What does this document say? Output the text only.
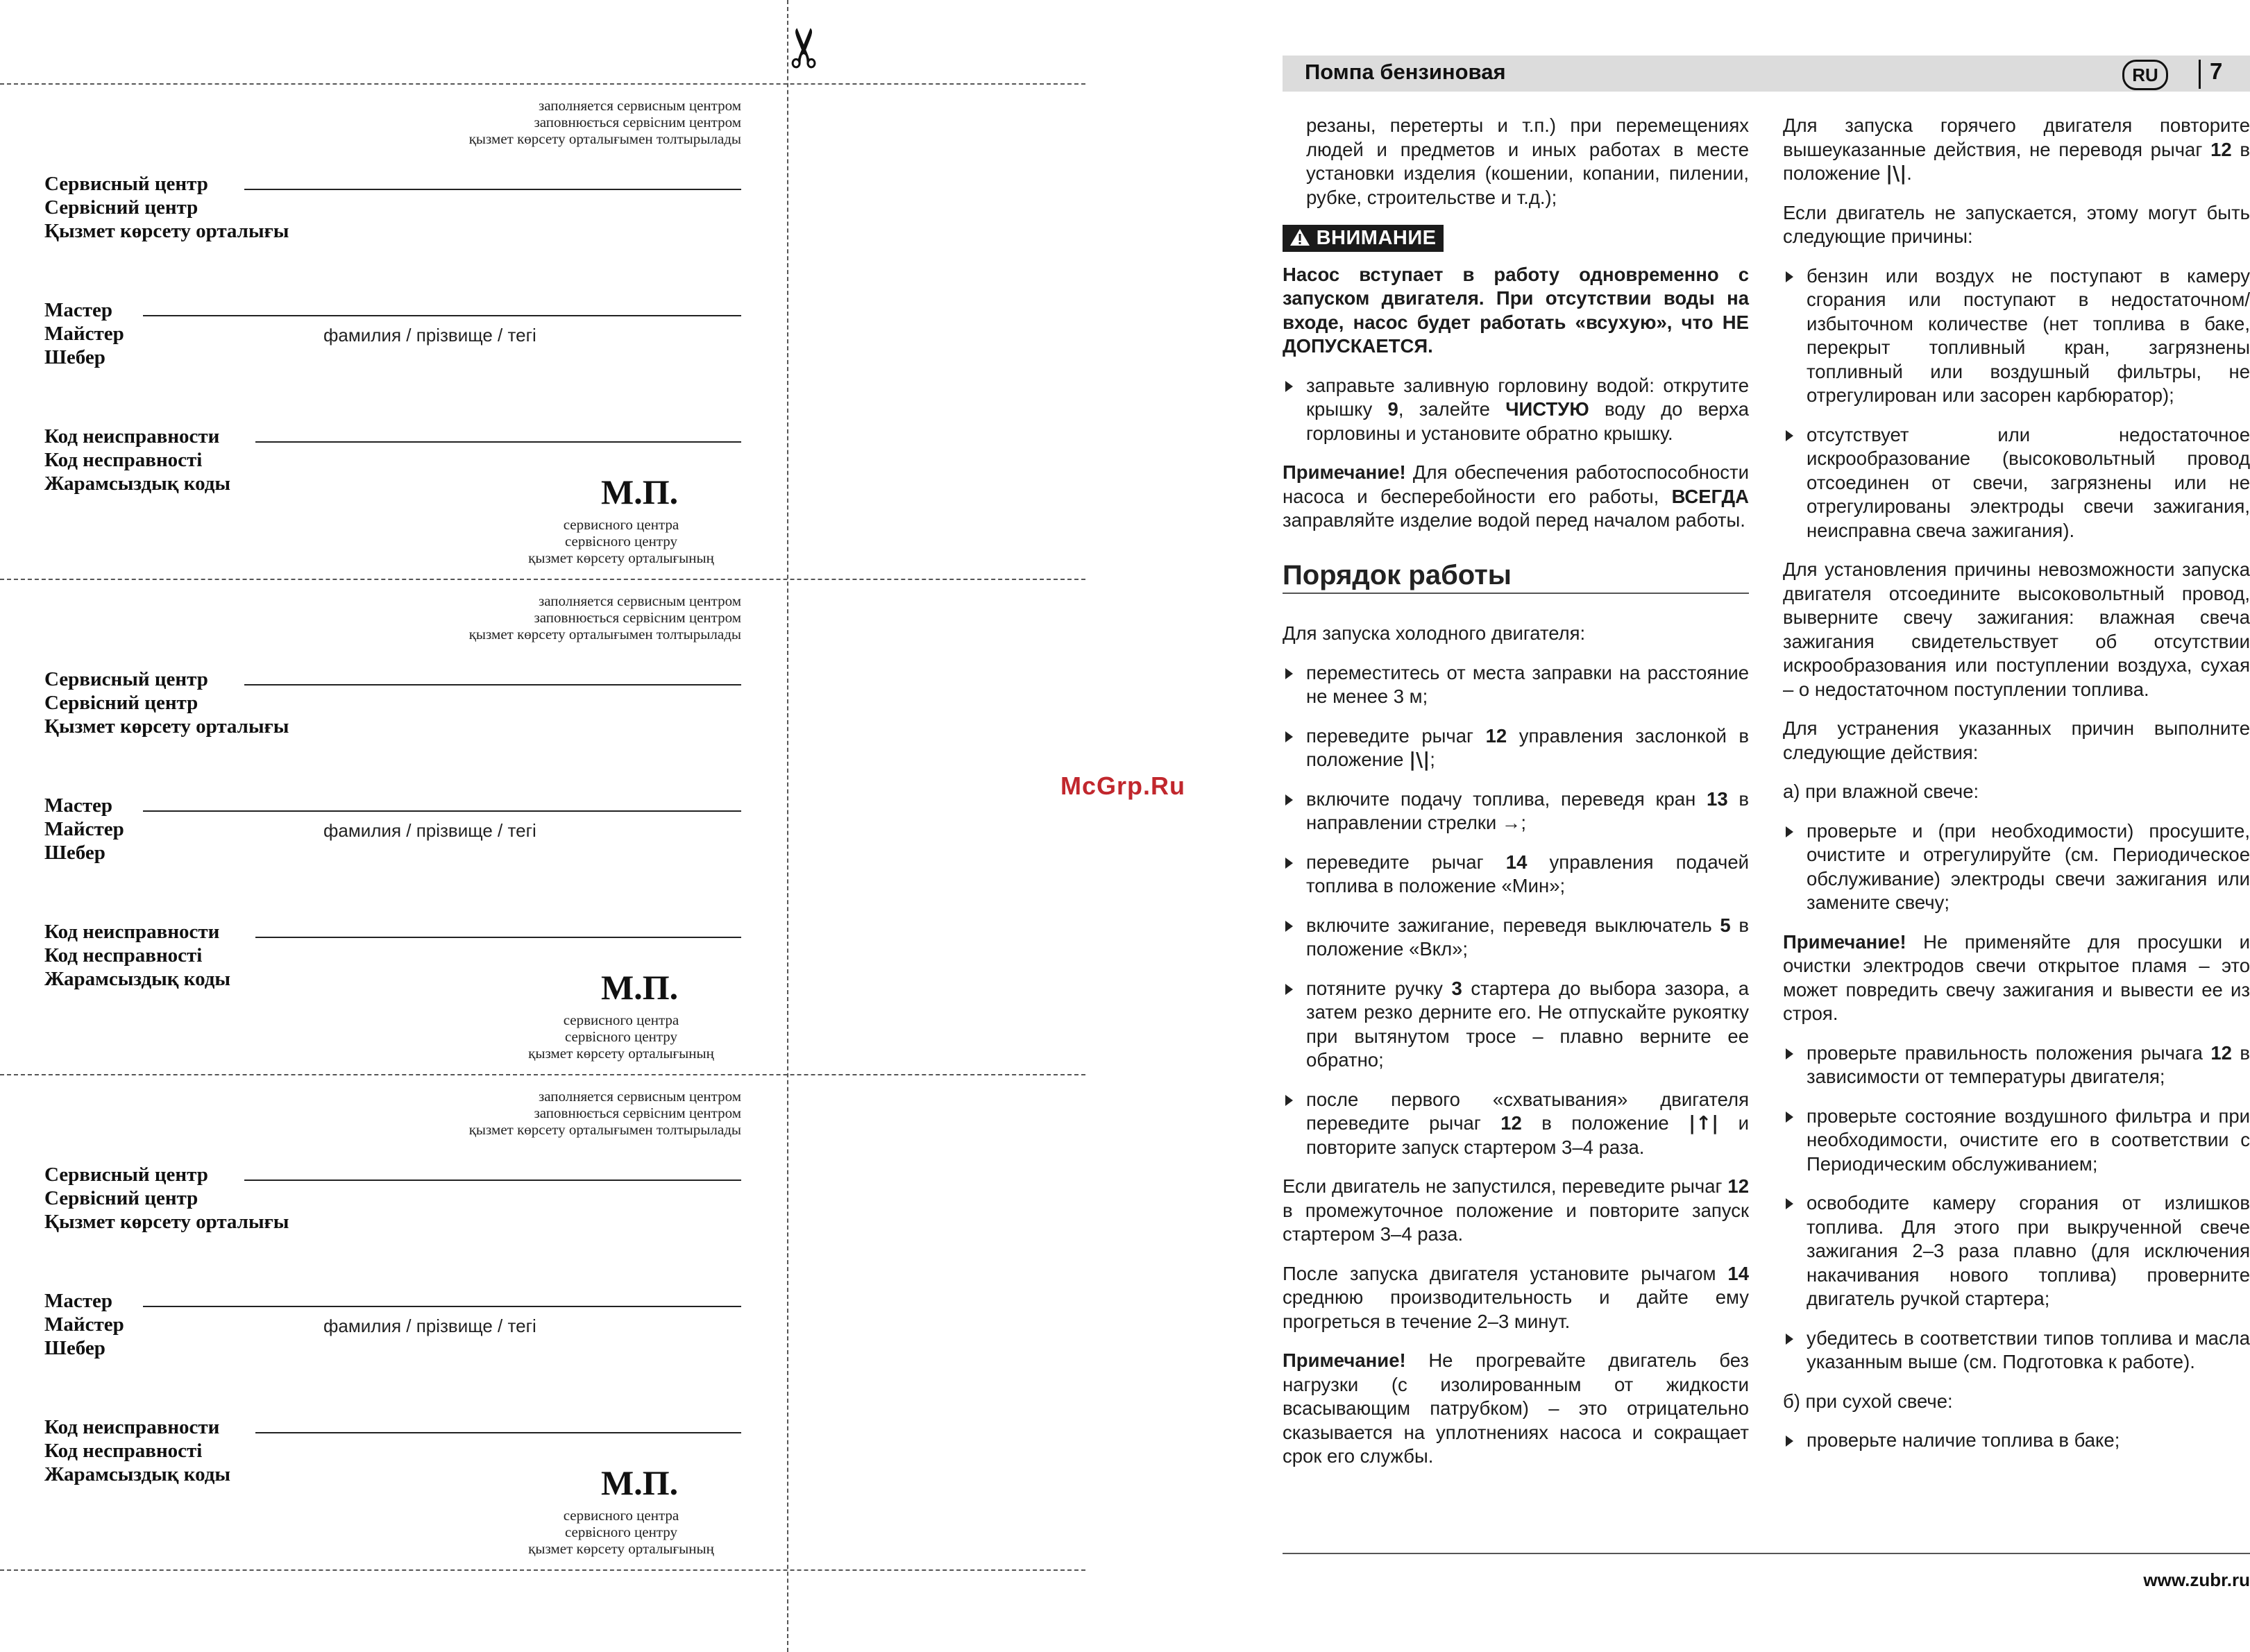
✂
заполняется сервисным центром
заповнюється сервісним центром
қызмет көрсету орталығымен толтырылады
Сервисный центр
Сервісний центр
Қызмет көрсету орталығы
Мастер
Майстер
Шебер
фамилия / прізвище / тегі
Код неисправности
Код несправності
Жарамсыздық коды	М.П.
сервисного центра
сервісного центру
қызмет көрсету орталығының
заполняется сервисным центром
заповнюється сервісним центром
қызмет көрсету орталығымен толтырылады
Сервисный центр
Сервісний центр
Қызмет көрсету орталығы
Мастер
Майстер
Шебер
фамилия / прізвище / тегі
Код неисправности
Код несправності
Жарамсыздық коды	М.П.
сервисного центра
сервісного центру
қызмет көрсету орталығының
заполняется сервисным центром
заповнюється сервісним центром
қызмет көрсету орталығымен толтырылады
Сервисный центр
Сервісний центр
Қызмет көрсету орталығы
Мастер
Майстер
Шебер
фамилия / прізвище / тегі
Код неисправности
Код несправності
Жарамсыздық коды	М.П.
сервисного центра
сервісного центру
қызмет көрсету орталығының
McGrp.Ru
Помпа бензиновая	RU	7

резаны, перетерты и т.п.) при перемещениях людей и предметов и иных работах в месте установки изделия (кошении, копании, пилении, рубке, строительстве и т.д.);

ВНИМАНИЕ

Насос вступает в работу одновременно с запуском двигателя. При отсутствии воды на входе, насос будет работать «всухую», что НЕ ДОПУСКАЕТСЯ.

заправьте заливную горловину водой: открутите крышку 9, залейте ЧИСТУЮ воду до верха горловины и установите обратно крышку.

Примечание! Для обеспечения работоспособности насоса и бесперебойности его работы, ВСЕГДА заправляйте изделие водой перед началом работы.

Порядок работы

Для запуска холодного двигателя:

переместитесь от места заправки на расстояние не менее 3 м;
переведите рычаг 12 управления заслонкой в положение |\|;
включите подачу топлива, переведя кран 13 в направлении стрелки →;
переведите рычаг 14 управления подачей топлива в положение «Мин»;
включите зажигание, переведя выключатель 5 в положение «Вкл»;
потяните ручку 3 стартера до выбора зазора, а затем резко дерните его. Не отпускайте рукоятку при вытянутом тросе – плавно верните ее обратно;
после первого «схватывания» двигателя переведите рычаг 12 в положение |↑| и повторите запуск стартером 3–4 раза.

Если двигатель не запустился, переведите рычаг 12 в промежуточное положение и повторите запуск стартером 3–4 раза.

После запуска двигателя установите рычагом 14 среднюю производительность и дайте ему прогреться в течение 2–3 минут.

Примечание! Не прогревайте двигатель без нагрузки (с изолированным от жидкости всасывающим патрубком) – это отрицательно сказывается на уплотнениях насоса и сокращает срок его службы.

Для запуска горячего двигателя повторите вышеуказанные действия, не переводя рычаг 12 в положение |\|.

Если двигатель не запускается, этому могут быть следующие причины:

бензин или воздух не поступают в камеру сгорания или поступают в недостаточном/избыточном количестве (нет топлива в баке, перекрыт топливный кран, загрязнены топливный или воздушный фильтры, не отрегулирован или засорен карбюратор);
отсутствует или недостаточное искрообразование (высоковольтный провод отсоединен от свечи, загрязнены или не отрегулированы электроды свечи зажигания, неисправна свеча зажигания).

Для установления причины невозможности запуска двигателя отсоедините высоковольтный провод, выверните свечу зажигания: влажная свеча зажигания свидетельствует об отсутствии искрообразования или поступлении воздуха, сухая – о недостаточном поступлении топлива.

Для устранения указанных причин выполните следующие действия:

а) при влажной свече:

проверьте и (при необходимости) просушите, очистите и отрегулируйте (см. Периодическое обслуживание) электроды свечи зажигания или замените свечу;

Примечание! Не применяйте для просушки и очистки электродов свечи открытое пламя – это может повредить свечу зажигания и вывести ее из строя.

проверьте правильность положения рычага 12 в зависимости от температуры двигателя;
проверьте состояние воздушного фильтра и при необходимости, очистите его в соответствии с Периодическим обслуживанием;
освободите камеру сгорания от излишков топлива. Для этого при выкрученной свече зажигания 2–3 раза плавно (для исключения накачивания нового топлива) проверните двигатель ручкой стартера;
убедитесь в соответствии типов топлива и масла указанным выше (см. Подготовка к работе).

б) при сухой свече:

проверьте наличие топлива в баке;
www.zubr.ru
